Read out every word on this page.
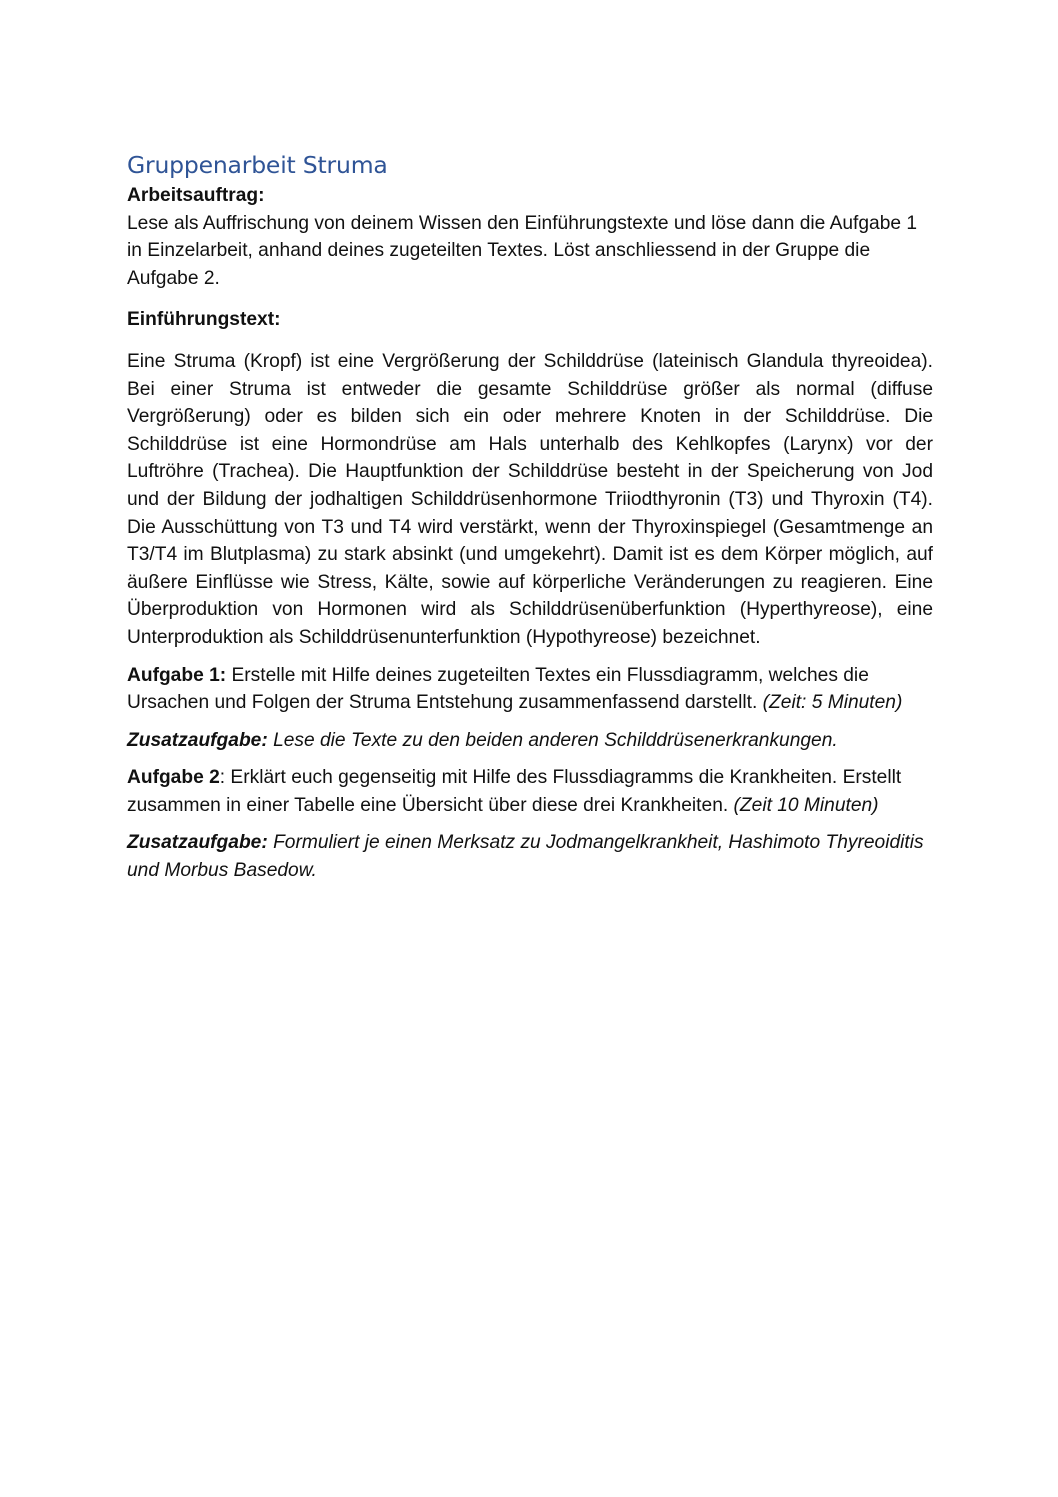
Gruppenarbeit Struma

Arbeitsauftrag:
Lese als Auffrischung von deinem Wissen den Einführungstexte und löse dann die Aufgabe 1 in Einzelarbeit, anhand deines zugeteilten Textes. Löst anschliessend in der Gruppe die Aufgabe 2.

Einführungstext:

Eine Struma (Kropf) ist eine Vergrößerung der Schilddrüse (lateinisch Glandula thyreoidea). Bei einer Struma ist entweder die gesamte Schilddrüse größer als normal (diffuse Vergrößerung) oder es bilden sich ein oder mehrere Knoten in der Schilddrüse. Die Schilddrüse ist eine Hormondrüse am Hals unterhalb des Kehlkopfes (Larynx) vor der Luftröhre (Trachea). Die Hauptfunktion der Schilddrüse besteht in der Speicherung von Jod und der Bildung der jodhaltigen Schilddrüsenhormone Triiodthyronin (T3) und Thyroxin (T4). Die Ausschüttung von T3 und T4 wird verstärkt, wenn der Thyroxinspiegel (Gesamtmenge an T3/T4 im Blutplasma) zu stark absinkt (und umgekehrt). Damit ist es dem Körper möglich, auf äußere Einflüsse wie Stress, Kälte, sowie auf körperliche Veränderungen zu reagieren. Eine Überproduktion von Hormonen wird als Schilddrüsenüberfunktion (Hyperthyreose), eine Unterproduktion als Schilddrüsenunterfunktion (Hypothyreose) bezeichnet.

Aufgabe 1: Erstelle mit Hilfe deines zugeteilten Textes ein Flussdiagramm, welches die Ursachen und Folgen der Struma Entstehung zusammenfassend darstellt. (Zeit: 5 Minuten)

Zusatzaufgabe: Lese die Texte zu den beiden anderen Schilddrüsenerkrankungen.

Aufgabe 2: Erklärt euch gegenseitig mit Hilfe des Flussdiagramms die Krankheiten. Erstellt zusammen in einer Tabelle eine Übersicht über diese drei Krankheiten. (Zeit 10 Minuten)

Zusatzaufgabe: Formuliert je einen Merksatz zu Jodmangelkrankheit, Hashimoto Thyreoiditis und Morbus Basedow.
